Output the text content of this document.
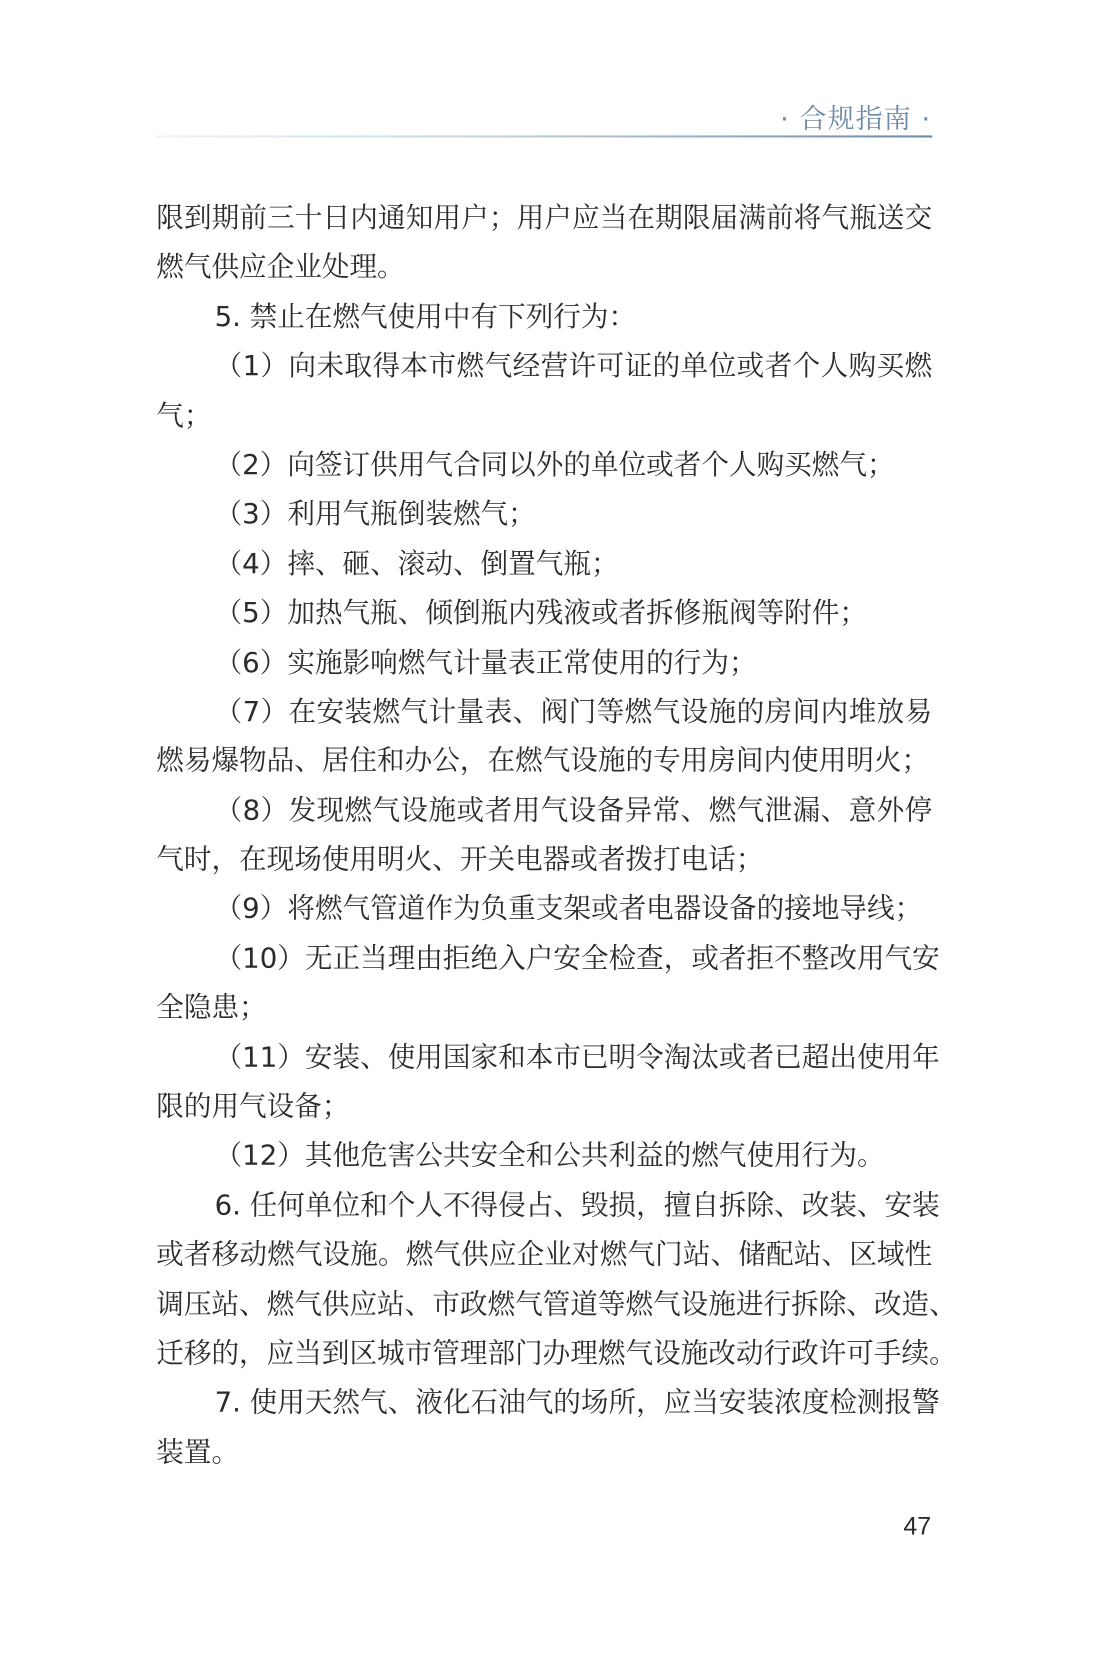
· 合规指南 ·
限到期前三十日内通知用户；用户应当在期限届满前将气瓶送交
燃气供应企业处理。
5. 禁止在燃气使用中有下列行为：
（1）向未取得本市燃气经营许可证的单位或者个人购买燃
气；
（2）向签订供用气合同以外的单位或者个人购买燃气；
（3）利用气瓶倒装燃气；
（4）摔、砸、滚动、倒置气瓶；
（5）加热气瓶、倾倒瓶内残液或者拆修瓶阀等附件；
（6）实施影响燃气计量表正常使用的行为；
（7）在安装燃气计量表、阀门等燃气设施的房间内堆放易
燃易爆物品、居住和办公，在燃气设施的专用房间内使用明火；
（8）发现燃气设施或者用气设备异常、燃气泄漏、意外停
气时，在现场使用明火、开关电器或者拨打电话；
（9）将燃气管道作为负重支架或者电器设备的接地导线；
（10）无正当理由拒绝入户安全检查，或者拒不整改用气安
全隐患；
（11）安装、使用国家和本市已明令淘汰或者已超出使用年
限的用气设备；
（12）其他危害公共安全和公共利益的燃气使用行为。
6. 任何单位和个人不得侵占、毁损，擅自拆除、改装、安装
或者移动燃气设施。燃气供应企业对燃气门站、储配站、区域性
调压站、燃气供应站、市政燃气管道等燃气设施进行拆除、改造、
迁移的，应当到区城市管理部门办理燃气设施改动行政许可手续。
7. 使用天然气、液化石油气的场所，应当安装浓度检测报警
装置。
47
